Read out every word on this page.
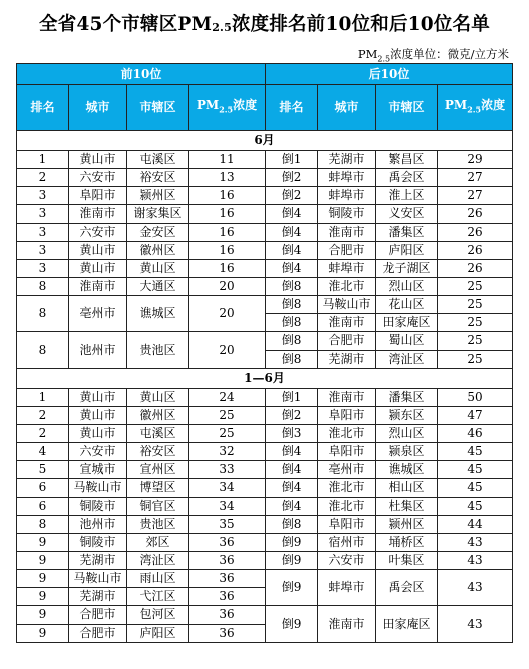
全省45个市辖区$PM_{2.5}$浓度排名前10位和后10位名单
$PM_{2.5}$浓度单位：微克/立方米
前10位				后10位			
排名	城市	市辖区	$PM_{2.5}$浓度	排名	城市	市辖区	$PM_{2.5}$浓度
6月							
1	黄山市	屯溪区	11	倒1	芜湖市	繁昌区	29
2	六安市	裕安区	13	倒2	蚌埠市	禹会区	27
3	阜阳市	颍州区	16	倒2	蚌埠市	淮上区	27
3	淮南市	谢家集区	16	倒4	铜陵市	义安区	26
3	六安市	金安区	16	倒4	淮南市	潘集区	26
3	黄山市	徽州区	16	倒4	合肥市	庐阳区	26
3	黄山市	黄山区	16	倒4	蚌埠市	龙子湖区	26
8	淮南市	大通区	20	倒8	淮北市	烈山区	25
8	亳州市	谯城区	20	倒8	马鞍山市	花山区	25
				倒8	淮南市	田家庵区	25
8	池州市	贵池区	20	倒8	合肥市	蜀山区	25
				倒8	芜湖市	湾沚区	25
1—6月							
1	黄山市	黄山区	24	倒1	淮南市	潘集区	50
2	黄山市	徽州区	25	倒2	阜阳市	颍东区	47
2	黄山市	屯溪区	25	倒3	淮北市	烈山区	46
4	六安市	裕安区	32	倒4	阜阳市	颍泉区	45
5	宣城市	宣州区	33	倒4	亳州市	谯城区	45
6	马鞍山市	博望区	34	倒4	淮北市	相山区	45
6	铜陵市	铜官区	34	倒4	淮北市	杜集区	45
8	池州市	贵池区	35	倒8	阜阳市	颍州区	44
9	铜陵市	郊区	36	倒9	宿州市	埇桥区	43
9	芜湖市	湾沚区	36	倒9	六安市	叶集区	43
9	马鞍山市	雨山区	36	倒9	蚌埠市	禹会区	43
9	芜湖市	弋江区	36				
9	合肥市	包河区	36	倒9	淮南市	田家庵区	43
9	合肥市	庐阳区	36				
